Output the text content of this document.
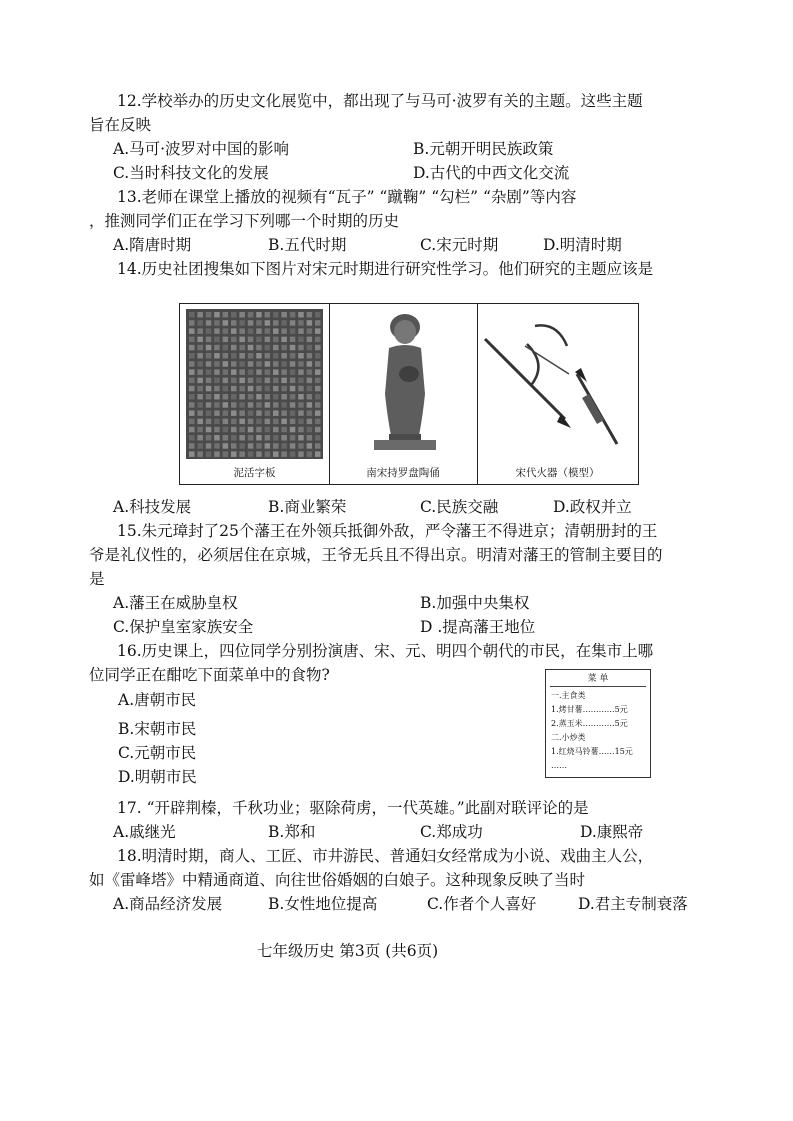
12.学校举办的历史文化展览中，都出现了与马可·波罗有关的主题。这些主题
旨在反映
A.马可·波罗对中国的影响	B.元朝开明民族政策
C.当时科技文化的发展	D.古代的中西文化交流
13.老师在课堂上播放的视频有“瓦子” “蹴鞠” “勾栏” “杂剧”等内容
，推测同学们正在学习下列哪一个时期的历史
A.隋唐时期	B.五代时期	C.宋元时期	D.明清时期
14.历史社团搜集如下图片对宋元时期进行研究性学习。他们研究的主题应该是
泥活字板	南宋持罗盘陶俑	宋代火器（模型）
A.科技发展	B.商业繁荣	C.民族交融	D.政权并立
15.朱元璋封了25个藩王在外领兵抵御外敌，严令藩王不得进京；清朝册封的王
爷是礼仪性的，必须居住在京城，王爷无兵且不得出京。明清对藩王的管制主要目的
是
A.藩王在威胁皇权	B.加强中央集权
C.保护皇室家族安全	D .提高藩王地位
16.历史课上，四位同学分别扮演唐、宋、元、明四个朝代的市民，在集市上哪
位同学正在酣吃下面菜单中的食物?
A.唐朝市民
B.宋朝市民
C.元朝市民
D.明朝市民
菜 单
一.主食类
1.烤甘薯…………5元
2.蒸玉米…………5元
二.小炒类
1.红烧马铃薯……15元
……
17. “开辟荆榛，千秋功业；驱除荷虏，一代英雄。”此副对联评论的是
A.戚继光	B.郑和	C.郑成功	D.康熙帝
18.明清时期，商人、工匠、市井游民、普通妇女经常成为小说、戏曲主人公，
如《雷峰塔》中精通商道、向往世俗婚姻的白娘子。这种现象反映了当时
A.商品经济发展	B.女性地位提高	C.作者个人喜好	D.君主专制衰落
七年级历史 第3页 (共6页)
